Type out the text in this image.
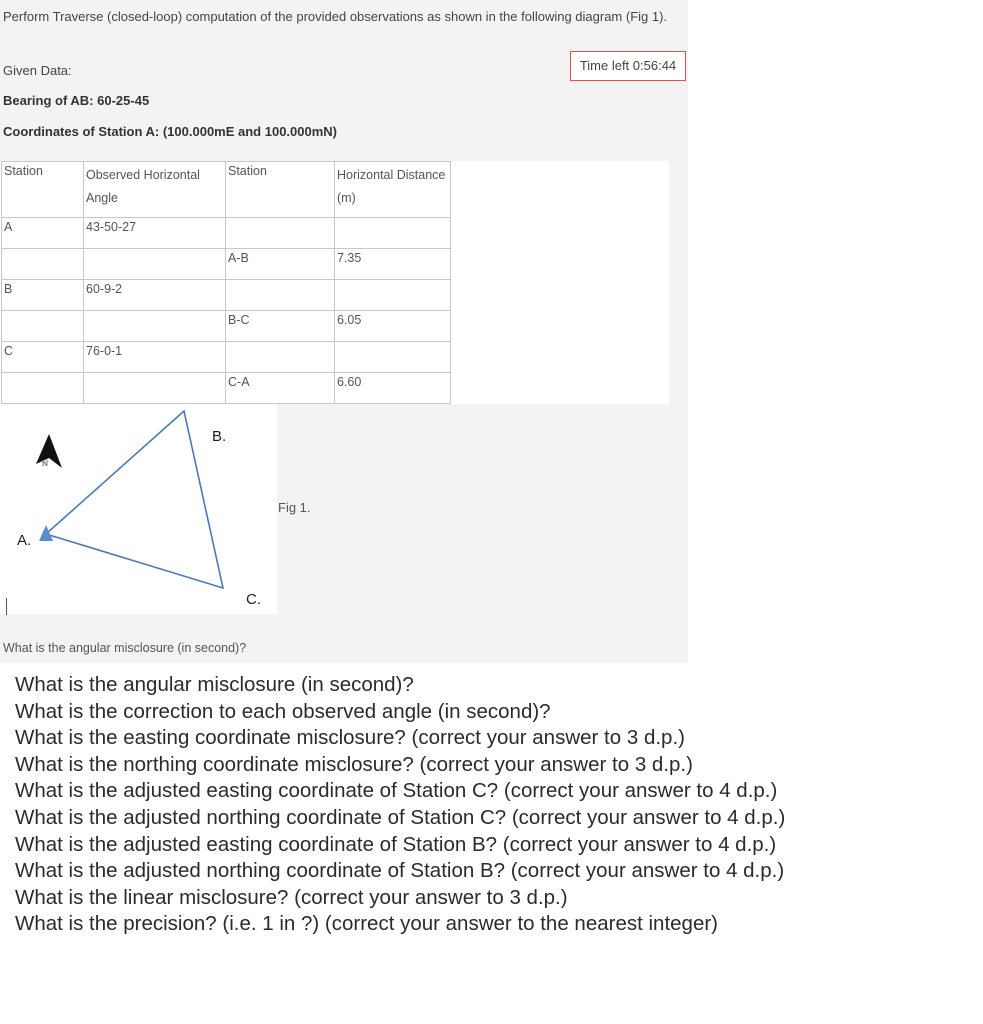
Perform Traverse (closed-loop) computation of the provided observations as shown in the following diagram (Fig 1).
Given Data:	Time left 0:56:44
Bearing of AB: 60-25-45
Coordinates of Station A: (100.000mE and 100.000mN)
Station	Observed Horizontal Angle	Station	Horizontal Distance (m)
A	43-50-27		
		A-B	7.35
B	60-9-2		
		B-C	6.05
C	76-0-1		
		C-A	6.60
N
A.
B.
C.
Fig 1.
What is the angular misclosure (in second)?
What is the angular misclosure (in second)?
What is the correction to each observed angle (in second)?
What is the easting coordinate misclosure? (correct your answer to 3 d.p.)
What is the northing coordinate misclosure? (correct your answer to 3 d.p.)
What is the adjusted easting coordinate of Station C? (correct your answer to 4 d.p.)
What is the adjusted northing coordinate of Station C? (correct your answer to 4 d.p.)
What is the adjusted easting coordinate of Station B? (correct your answer to 4 d.p.)
What is the adjusted northing coordinate of Station B? (correct your answer to 4 d.p.)
What is the linear misclosure? (correct your answer to 3 d.p.)
What is the precision? (i.e. 1 in ?) (correct your answer to the nearest integer)
